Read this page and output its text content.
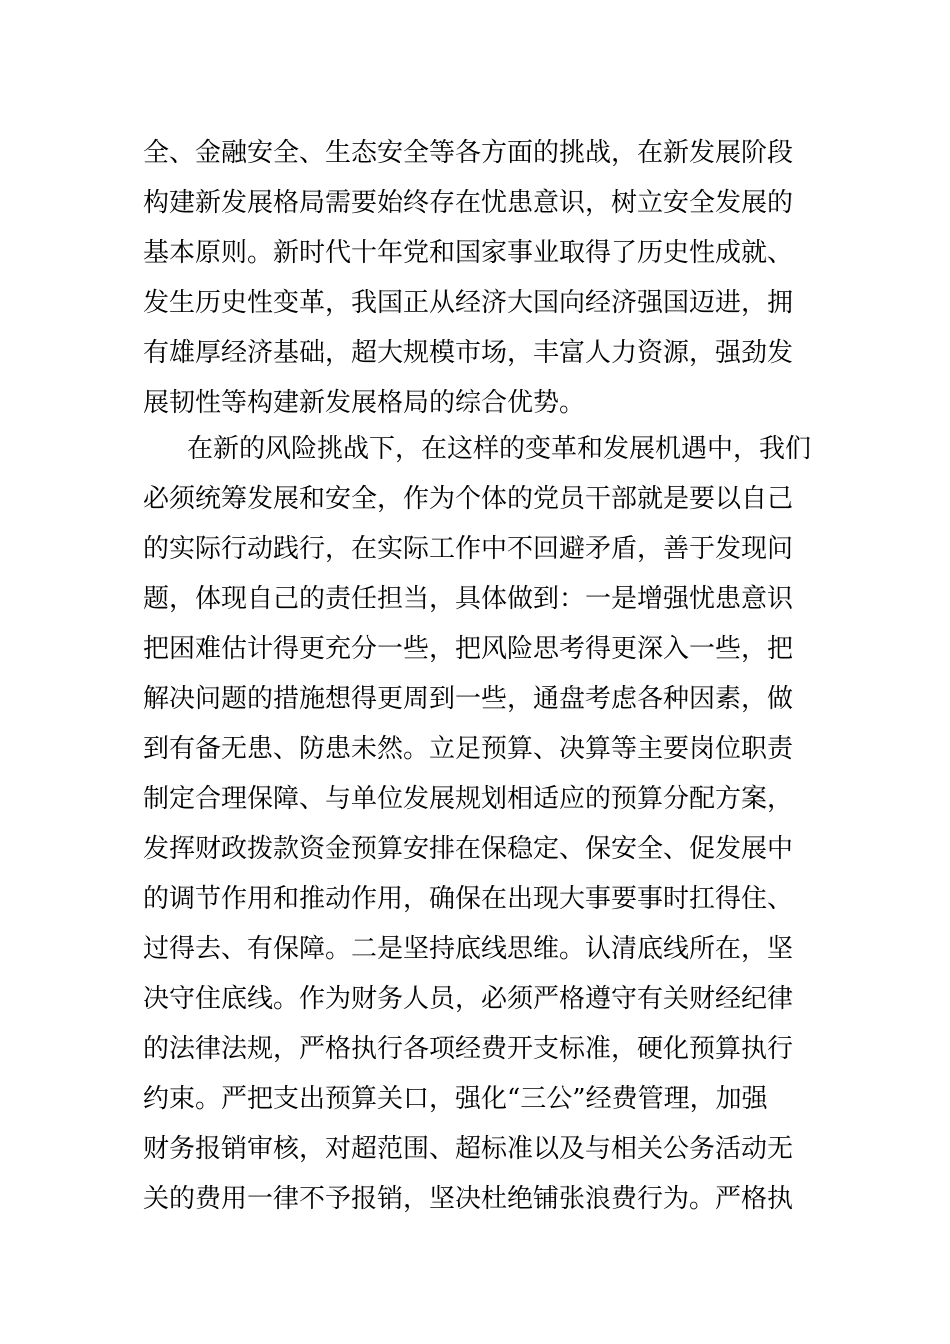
全、金融安全、生态安全等各方面的挑战，在新发展阶段
构建新发展格局需要始终存在忧患意识，树立安全发展的
基本原则。新时代十年党和国家事业取得了历史性成就、
发生历史性变革，我国正从经济大国向经济强国迈进，拥
有雄厚经济基础，超大规模市场，丰富人力资源，强劲发
展韧性等构建新发展格局的综合优势。
在新的风险挑战下，在这样的变革和发展机遇中，我们
必须统筹发展和安全，作为个体的党员干部就是要以自己
的实际行动践行，在实际工作中不回避矛盾，善于发现问
题，体现自己的责任担当，具体做到：一是增强忧患意识
把困难估计得更充分一些，把风险思考得更深入一些，把
解决问题的措施想得更周到一些，通盘考虑各种因素，做
到有备无患、防患未然。立足预算、决算等主要岗位职责
制定合理保障、与单位发展规划相适应的预算分配方案，
发挥财政拨款资金预算安排在保稳定、保安全、促发展中
的调节作用和推动作用，确保在出现大事要事时扛得住、
过得去、有保障。二是坚持底线思维。认清底线所在，坚
决守住底线。作为财务人员，必须严格遵守有关财经纪律
的法律法规，严格执行各项经费开支标准，硬化预算执行
约束。严把支出预算关口，强化“三公”经费管理，加强
财务报销审核，对超范围、超标准以及与相关公务活动无
关的费用一律不予报销，坚决杜绝铺张浪费行为。严格执
